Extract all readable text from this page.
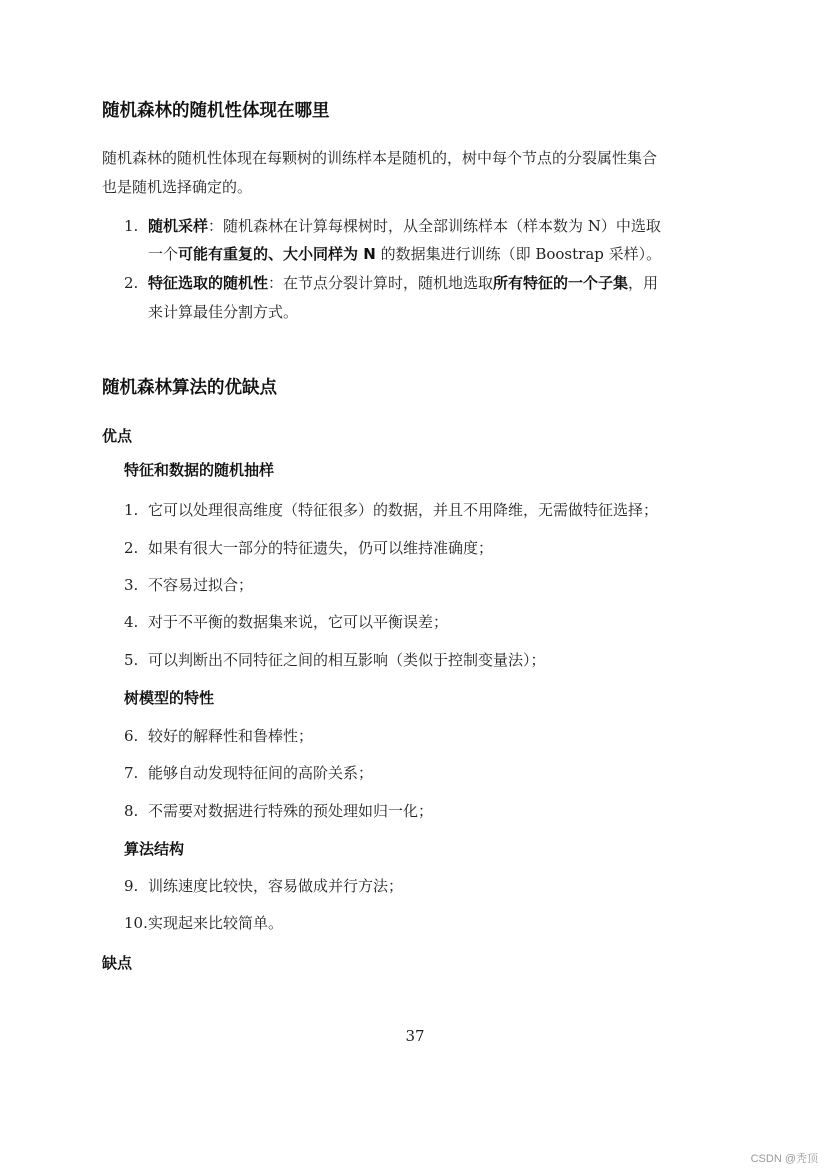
随机森林的随机性体现在哪里
随机森林的随机性体现在每颗树的训练样本是随机的，树中每个节点的分裂属性集合
也是随机选择确定的。
1. 随机采样：随机森林在计算每棵树时，从全部训练样本（样本数为 N）中选取
一个可能有重复的、大小同样为 N 的数据集进行训练（即 Boostrap 采样）。
2. 特征选取的随机性：在节点分裂计算时，随机地选取所有特征的一个子集，用
来计算最佳分割方式。
随机森林算法的优缺点
优点
特征和数据的随机抽样
1. 它可以处理很高维度（特征很多）的数据，并且不用降维，无需做特征选择；
2. 如果有很大一部分的特征遗失，仍可以维持准确度；
3. 不容易过拟合；
4. 对于不平衡的数据集来说，它可以平衡误差；
5. 可以判断出不同特征之间的相互影响（类似于控制变量法）；
树模型的特性
6. 较好的解释性和鲁棒性；
7. 能够自动发现特征间的高阶关系；
8. 不需要对数据进行特殊的预处理如归一化；
算法结构
9. 训练速度比较快，容易做成并行方法；
10.实现起来比较简单。
缺点
37
CSDN @秃顶
